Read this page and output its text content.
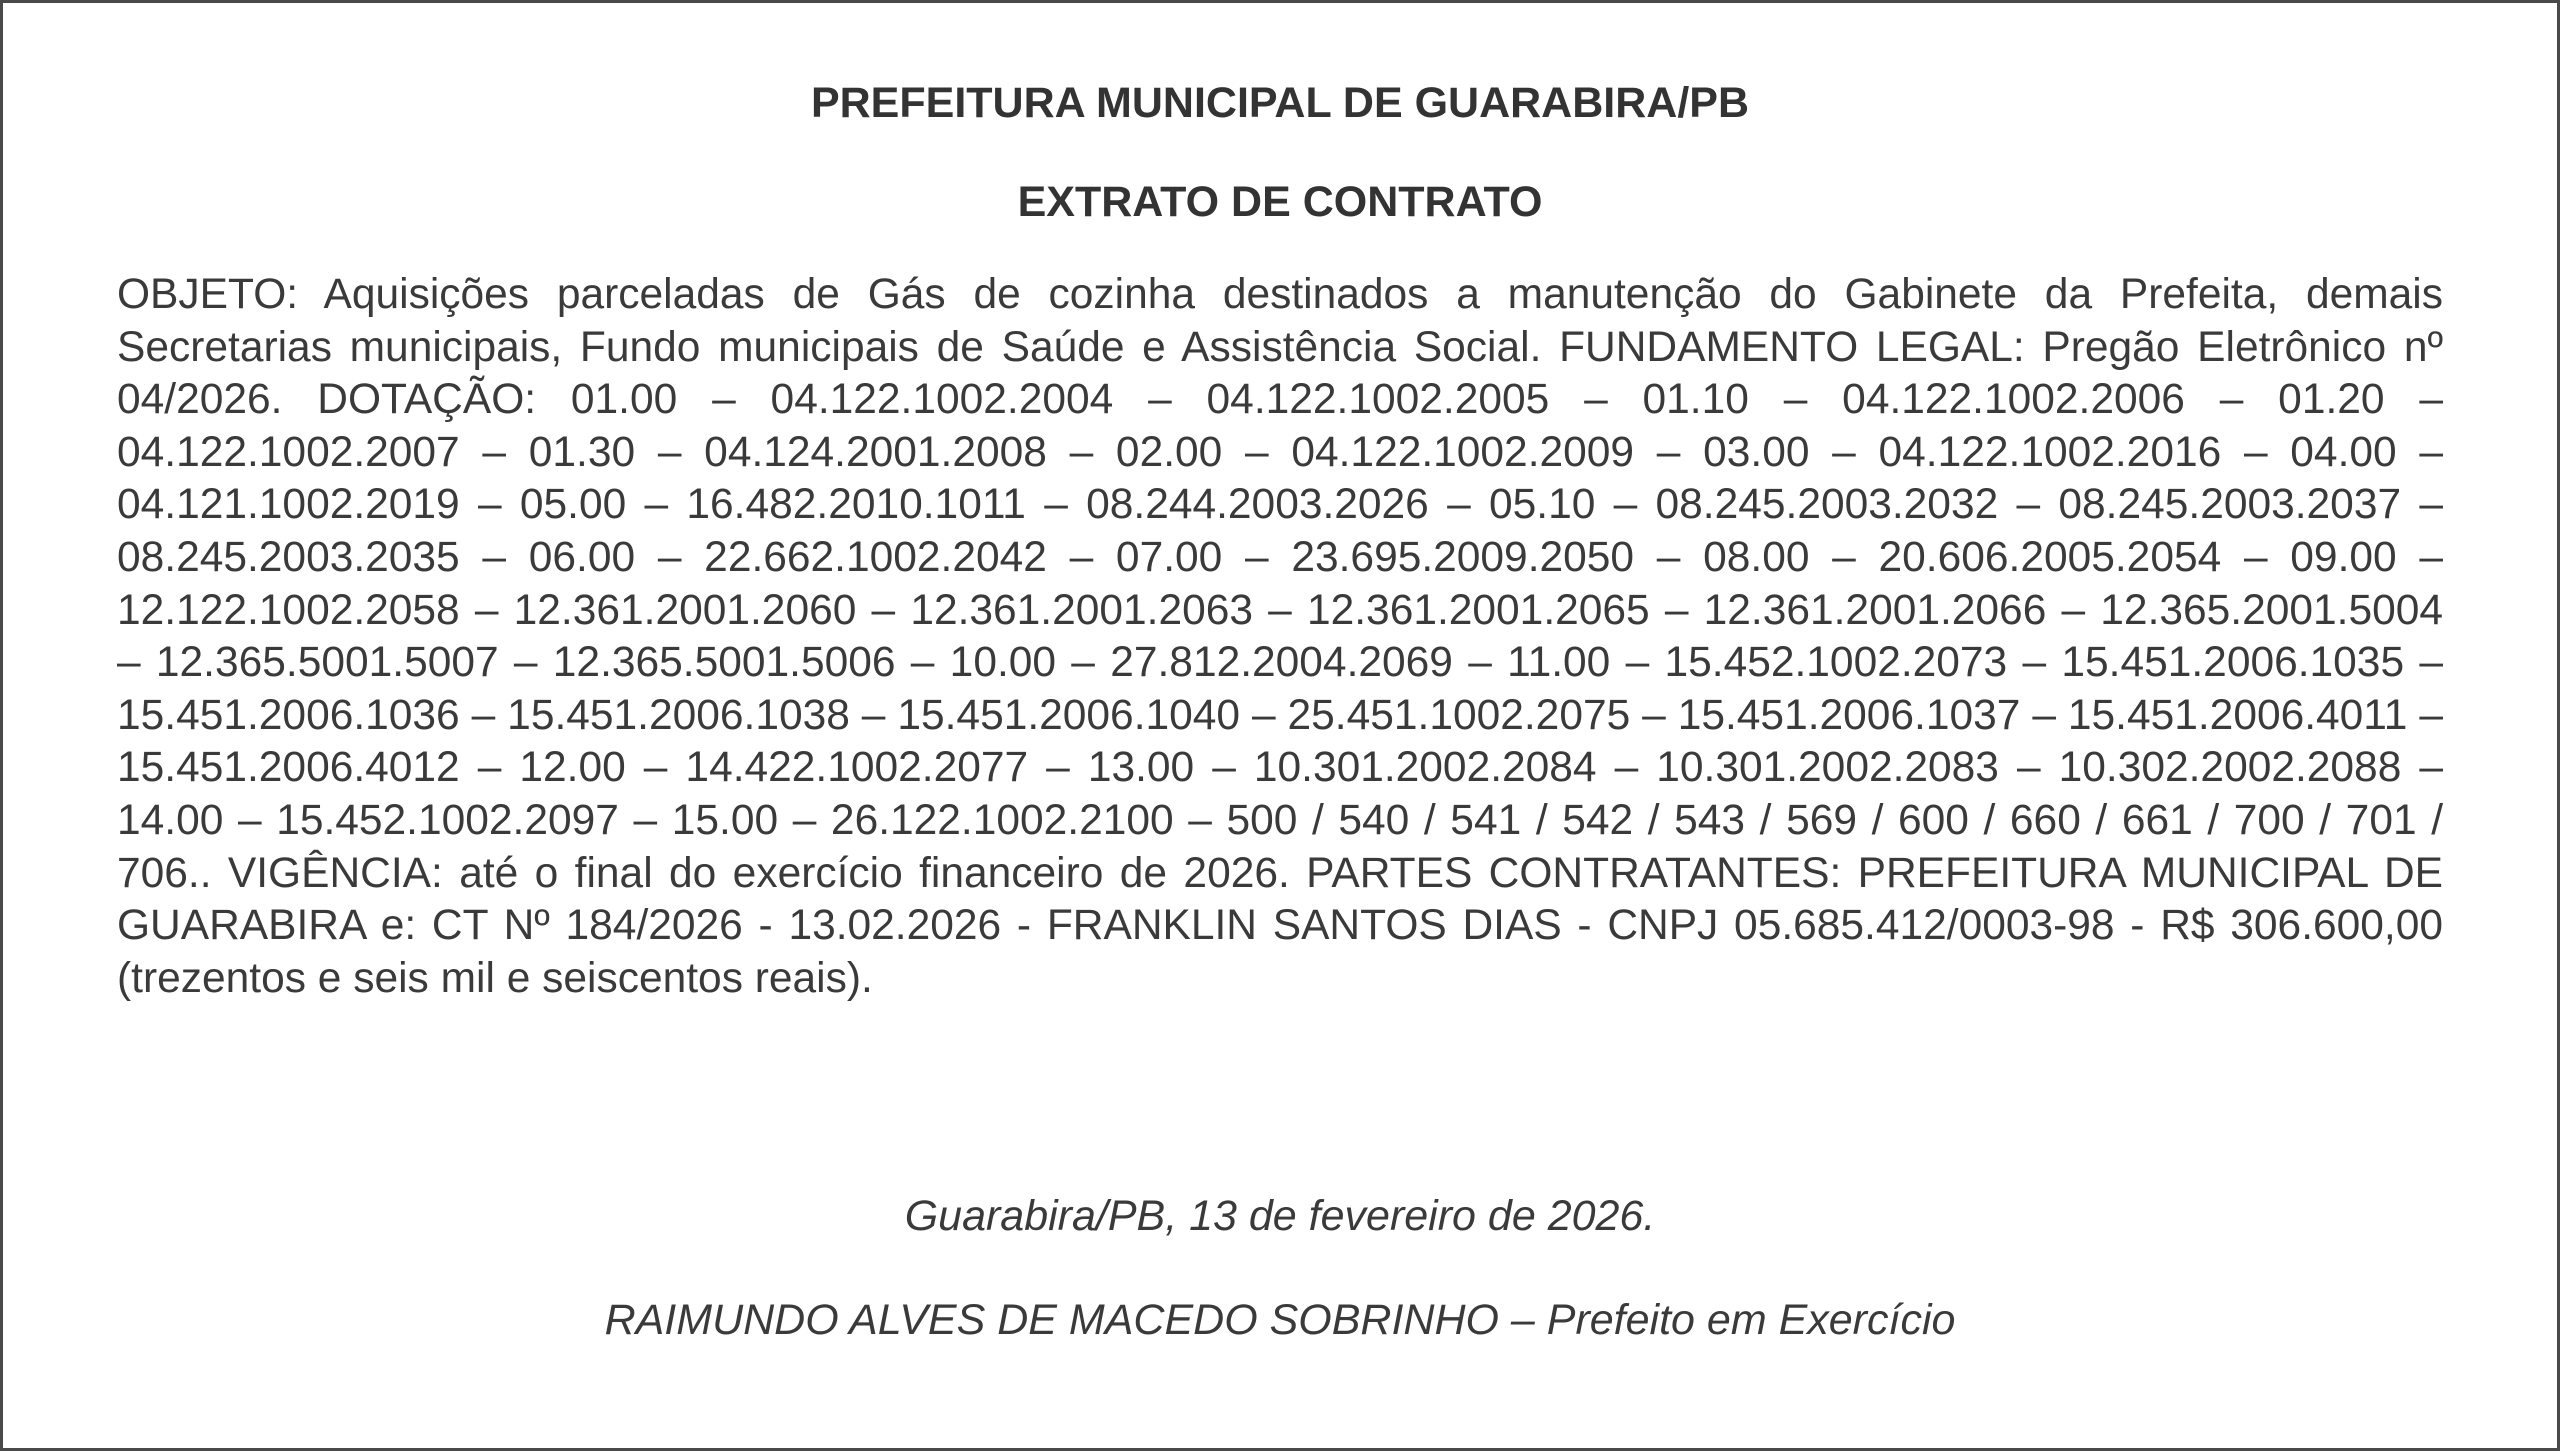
PREFEITURA MUNICIPAL DE GUARABIRA/PB
EXTRATO DE CONTRATO

OBJETO: Aquisições parceladas de Gás de cozinha destinados a manutenção do Gabinete da Prefeita, demais Secretarias municipais, Fundo municipais de Saúde e Assistência Social. FUNDAMENTO LEGAL: Pregão Eletrônico nº 04/2026. DOTAÇÃO: 01.00 – 04.122.1002.2004 – 04.122.1002.2005 – 01.10 – 04.122.1002.2006 – 01.20 – 04.122.1002.2007 – 01.30 – 04.124.2001.2008 – 02.00 – 04.122.1002.2009 – 03.00 – 04.122.1002.2016 – 04.00 – 04.121.1002.2019 – 05.00 – 16.482.2010.1011 – 08.244.2003.2026 – 05.10 – 08.245.2003.2032 – 08.245.2003.2037 – 08.245.2003.2035 – 06.00 – 22.662.1002.2042 – 07.00 – 23.695.2009.2050 – 08.00 – 20.606.2005.2054 – 09.00 – 12.122.1002.2058 – 12.361.2001.2060 – 12.361.2001.2063 – 12.361.2001.2065 – 12.361.2001.2066 – 12.365.2001.5004 – 12.365.5001.5007 – 12.365.5001.5006 – 10.00 – 27.812.2004.2069 – 11.00 – 15.452.1002.2073 – 15.451.2006.1035 – 15.451.2006.1036 – 15.451.2006.1038 – 15.451.2006.1040 – 25.451.1002.2075 – 15.451.2006.1037 – 15.451.2006.4011 – 15.451.2006.4012 – 12.00 – 14.422.1002.2077 – 13.00 – 10.301.2002.2084 – 10.301.2002.2083 – 10.302.2002.2088 – 14.00 – 15.452.1002.2097 – 15.00 – 26.122.1002.2100 – 500 / 540 / 541 / 542 / 543 / 569 / 600 / 660 / 661 / 700 / 701 / 706.. VIGÊNCIA: até o final do exercício financeiro de 2026. PARTES CONTRATANTES: PREFEITURA MUNICIPAL DE GUARABIRA e: CT Nº 184/2026 - 13.02.2026 - FRANKLIN SANTOS DIAS - CNPJ 05.685.412/0003-98 - R$ 306.600,00 (trezentos e seis mil e seiscentos reais).

Guarabira/PB, 13 de fevereiro de 2026.

RAIMUNDO ALVES DE MACEDO SOBRINHO – Prefeito em Exercício
